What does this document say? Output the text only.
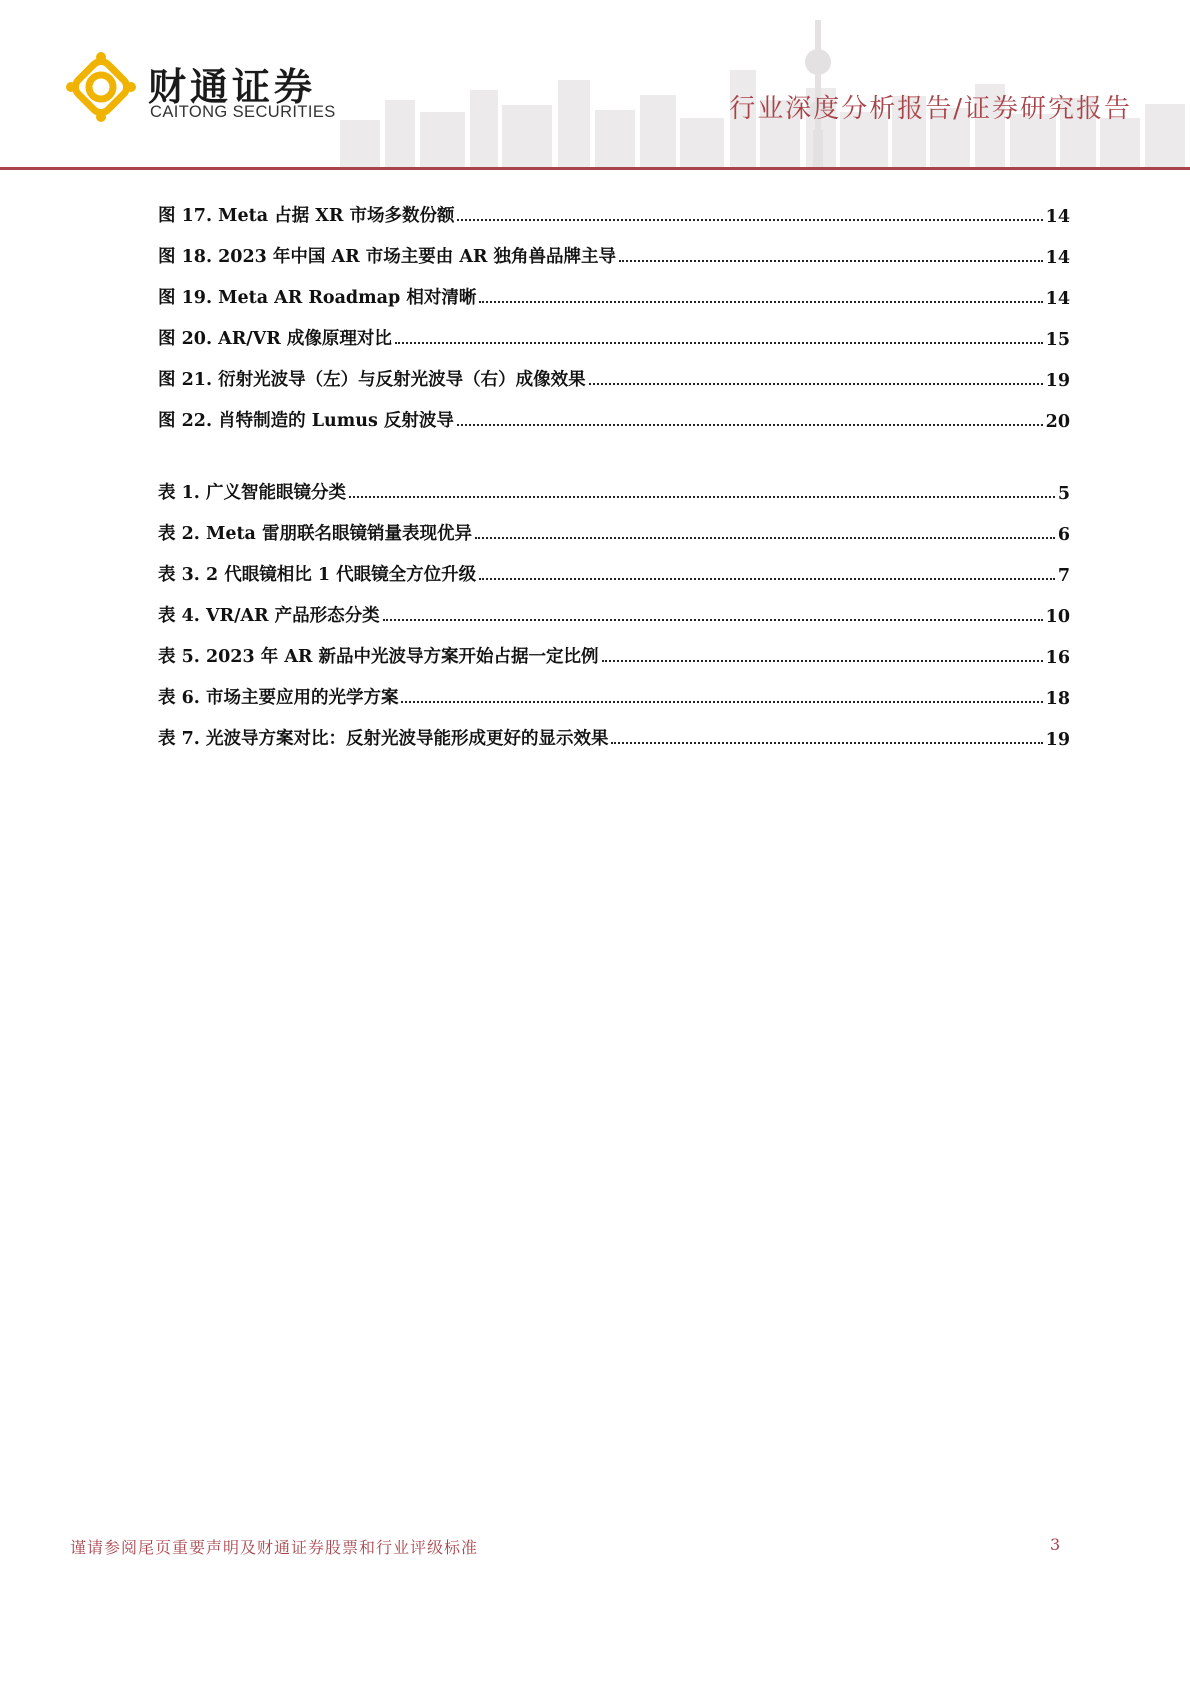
财通证券
CAITONG SECURITIES	行业深度分析报告/证券研究报告
图 17. Meta 占据 XR 市场多数份额	14
图 18. 2023 年中国 AR 市场主要由 AR 独角兽品牌主导	14
图 19. Meta AR Roadmap 相对清晰	14
图 20. AR/VR 成像原理对比	15
图 21. 衍射光波导（左）与反射光波导（右）成像效果	19
图 22. 肖特制造的 Lumus 反射波导	20
表 1. 广义智能眼镜分类	5
表 2. Meta 雷朋联名眼镜销量表现优异	6
表 3. 2 代眼镜相比 1 代眼镜全方位升级	7
表 4. VR/AR 产品形态分类	10
表 5. 2023 年 AR 新品中光波导方案开始占据一定比例	16
表 6. 市场主要应用的光学方案	18
表 7. 光波导方案对比：反射光波导能形成更好的显示效果	19
谨请参阅尾页重要声明及财通证券股票和行业评级标准	3
